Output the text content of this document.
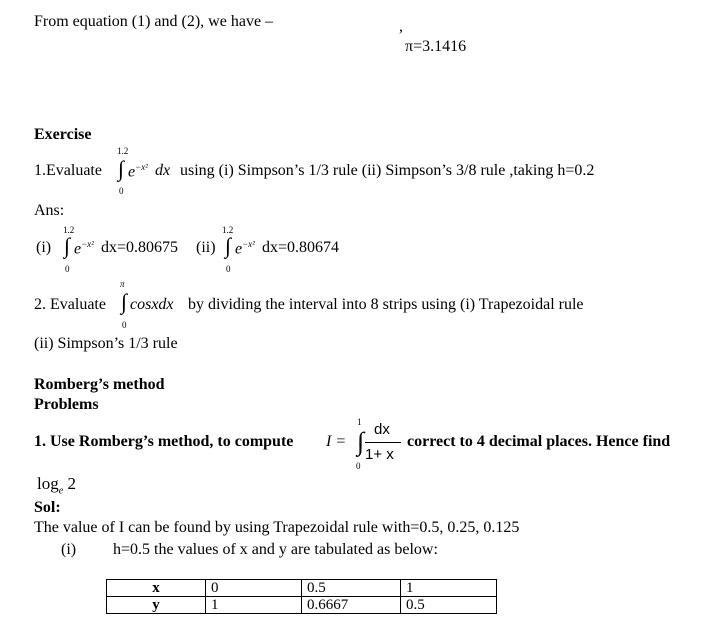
From equation (1) and (2), we have –	,
π=3.1416
Exercise
1.Evaluate
1.2
∫
0
$e^{-x^2}$ dx using (i) Simpson’s 1/3 rule (ii) Simpson’s 3/8 rule ,taking h=0.2
Ans:
(i)
1.2
∫
0
$e^{-x^2}$ dx=0.80675 (ii)
1.2
∫
0
$e^{-x^2}$ dx=0.80674
2. Evaluate
π
∫
0
cosxdx by dividing the interval into 8 strips using (i) Trapezoidal rule
(ii) Simpson’s 1/3 rule
Romberg’s method
Problems
1. Use Romberg’s method, to compute I =
1
∫
0
dx
1+ x
correct to 4 decimal places. Hence find
$\log_e 2$
Sol:
The value of I can be found by using Trapezoidal rule with=0.5, 0.25, 0.125
(i) h=0.5 the values of x and y are tabulated as below:
x	0	0.5	1
y	1	0.6667	0.5
